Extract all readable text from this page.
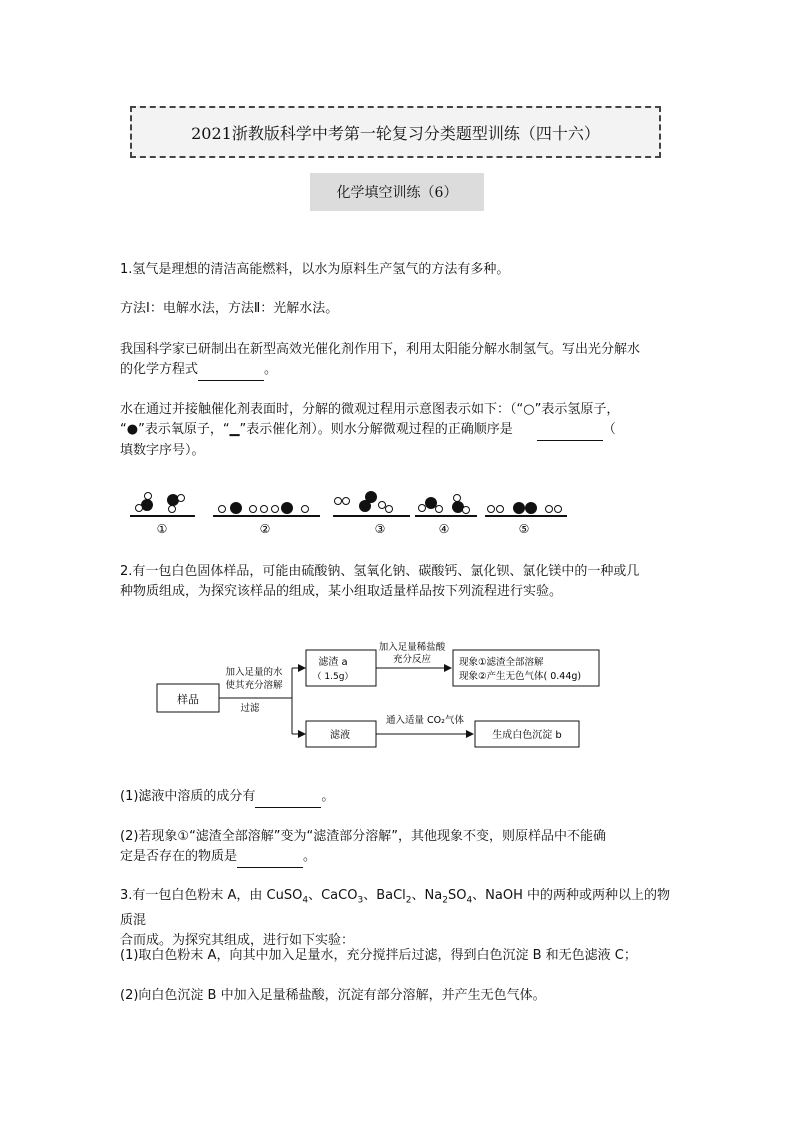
2021浙教版科学中考第一轮复习分类题型训练（四十六）
化学填空训练（6）
1.氢气是理想的清洁高能燃料，以水为原料生产氢气的方法有多种。
方法Ⅰ：电解水法，方法Ⅱ：光解水法。
我国科学家已研制出在新型高效光催化剂作用下，利用太阳能分解水制氢气。写出光分解水
的化学方程式	。
水在通过并接触催化剂表面时，分解的微观过程用示意图表示如下：（“○”表示氢原子，
“●”表示氧原子，“▁”表示催化剂）。则水分解微观过程的正确顺序是	（
填数字序号）。
①	②	③	④	⑤
2.有一包白色固体样品，可能由硫酸钠、氢氧化钠、碳酸钙、氯化钡、氯化镁中的一种或几
种物质组成，为探究该样品的组成，某小组取适量样品按下列流程进行实验。
样品
加入足量的水
使其充分溶解
过滤
滤渣 a
（ 1.5g）
加入足量稀盐酸
充分反应	现象①滤渣全部溶解
现象②产生无色气体( 0.44g)
滤液
通入适量 CO₂气体
生成白色沉淀 b
(1)滤液中溶质的成分有	。
(2)若现象①“滤渣全部溶解”变为“滤渣部分溶解”，其他现象不变，则原样品中不能确
定是否存在的物质是	。
3.有一包白色粉末 A，由 CuSO$_4$、CaCO$_3$、BaCl$_2$、$Na_2SO_4$、NaOH 中的两种或两种以上的物质混
合而成。为探究其组成，进行如下实验：
(1)取白色粉末 A，向其中加入足量水，充分搅拌后过滤，得到白色沉淀 B 和无色滤液 C；
(2)向白色沉淀 B 中加入足量稀盐酸，沉淀有部分溶解，并产生无色气体。
